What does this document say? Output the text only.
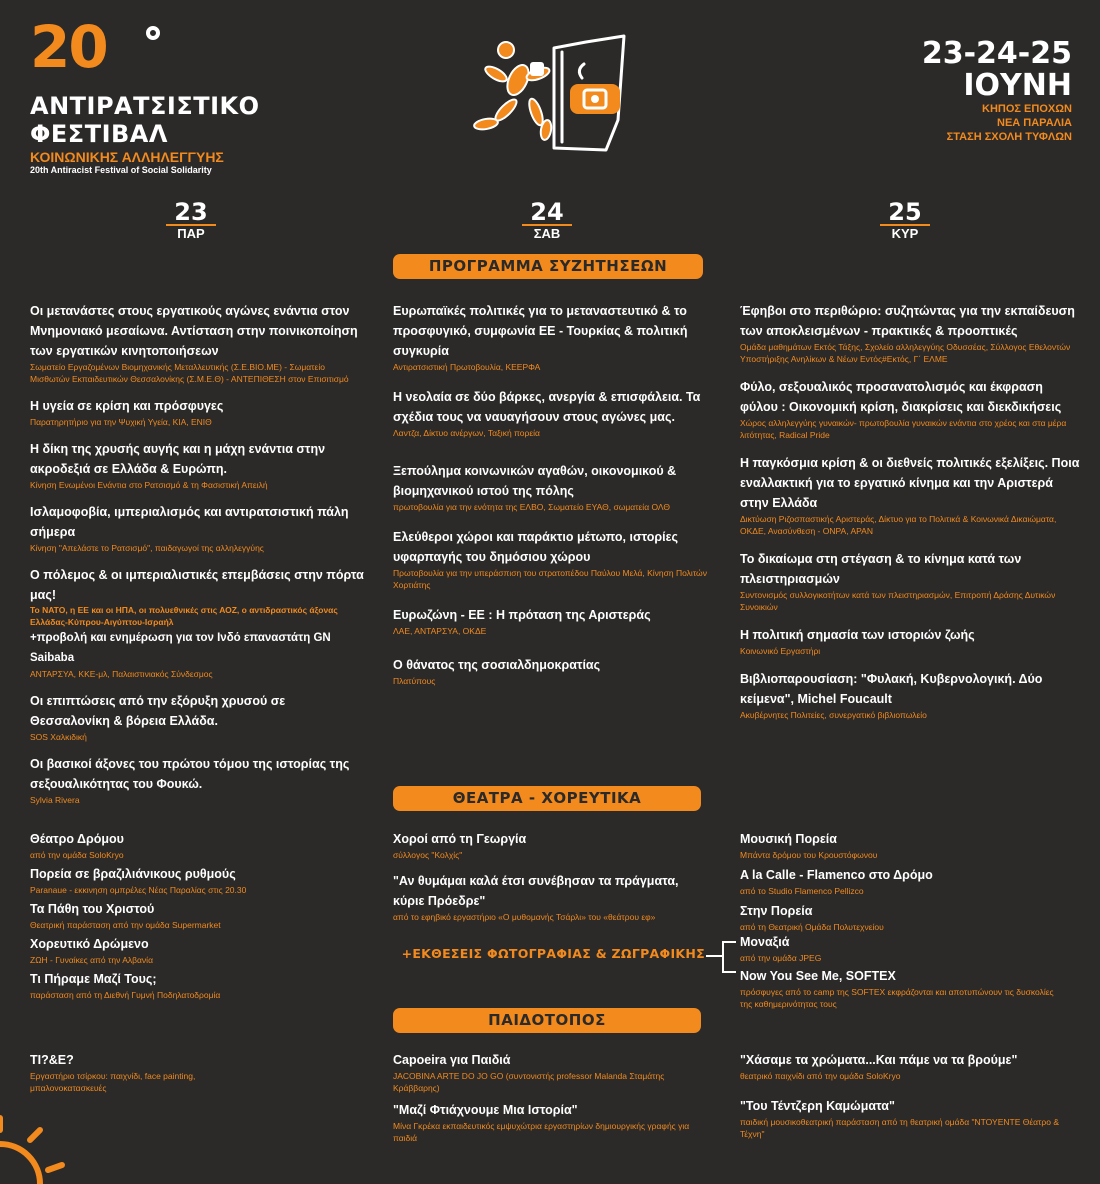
20
ΑΝΤΙΡΑΤΣΙΣΤΙΚΟ
ΦΕΣΤΙΒΑΛ
ΚΟΙΝΩΝΙΚΗΣ ΑΛΛΗΛΕΓΓΥΗΣ
20th Antiracist Festival of Social Solidarity
23-24-25
ΙΟΥΝΗ
ΚΗΠΟΣ ΕΠΟΧΩΝ
ΝΕΑ ΠΑΡΑΛΙΑ
ΣΤΑΣΗ ΣΧΟΛΗ ΤΥΦΛΩΝ
23
ΠΑΡ
24
ΣΑΒ
25
ΚΥΡ
ΠΡΟΓΡΑΜΜΑ ΣΥΖΗΤΗΣΕΩΝ
Οι μετανάστες στους εργατικούς αγώνες ενάντια στον Μνημονιακό μεσαίωνα. Αντίσταση στην ποινικοποίηση των εργατικών κινητοποιήσεων
Σωματείο Εργαζομένων Βιομηχανικής Μεταλλευτικής (Σ.Ε.ΒΙΟ.ΜΕ) - Σωματείο Μισθωτών Εκπαιδευτικών Θεσσαλονίκης (Σ.Μ.Ε.Θ) - ΑΝΤΕΠΙΘΕΣΗ στον Επισιτισμό
Η υγεία σε κρίση και πρόσφυγες
Παρατηρητήριο για την Ψυχική Υγεία, ΚΙΑ, ΕΝΙΘ
Η δίκη της χρυσής αυγής και η μάχη ενάντια στην ακροδεξιά σε Ελλάδα & Ευρώπη.
Κίνηση Ενωμένοι Ενάντια στο Ρατσισμό & τη Φασιστική Απειλή
Ισλαμοφοβία, ιμπεριαλισμός και αντιρατσιστική πάλη σήμερα
Κίνηση "Απελάστε το Ρατσισμό", παιδαγωγοί της αλληλεγγύης
Ο πόλεμος & οι ιμπεριαλιστικές επεμβάσεις στην πόρτα μας!
Το ΝΑΤΟ, η ΕΕ και οι ΗΠΑ, οι πολυεθνικές στις ΑΟΖ, ο αντιδραστικός άξονας Ελλάδας-Κύπρου-Αιγύπτου-Ισραήλ
+προβολή και ενημέρωση για τον Ινδό επαναστάτη GN Saibaba
ΑΝΤΑΡΣΥΑ, ΚΚΕ-μλ, Παλαιστινιακός Σύνδεσμος
Οι επιπτώσεις από την εξόρυξη χρυσού σε Θεσσαλονίκη & βόρεια Ελλάδα.
SOS Χαλκιδική
Οι βασικοί άξονες του πρώτου τόμου της ιστορίας της σεξουαλικότητας του Φουκώ.
Sylvia Rivera
Ευρωπαϊκές πολιτικές για το μεταναστευτικό & το προσφυγικό, συμφωνία ΕΕ - Τουρκίας & πολιτική συγκυρία
Αντιρατσιστική Πρωτοβουλία, ΚΕΕΡΦΑ
Η νεολαία σε δύο βάρκες, ανεργία & επισφάλεια. Τα σχέδια τους να ναυαγήσουν στους αγώνες μας.
Λαντζα, Δίκτυο ανέργων, Ταξική πορεία
Ξεπούλημα κοινωνικών αγαθών, οικονομικού & βιομηχανικού ιστού της πόλης
πρωτοβουλία για την ενότητα της ΕΛΒΟ, Σωματείο ΕΥΑΘ, σωματεία ΟΛΘ
Ελεύθεροι χώροι και παράκτιο μέτωπο, ιστορίες υφαρπαγής του δημόσιου χώρου
Πρωτοβουλία για την υπεράσπιση του στρατοπέδου Παύλου Μελά, Κίνηση Πολιτών Χορτιάτης
Ευρωζώνη - ΕΕ : Η πρόταση της Αριστεράς
ΛΑΕ, ΑΝΤΑΡΣΥΑ, ΟΚΔΕ
Ο θάνατος της σοσιαλδημοκρατίας
Πλατύπους
Έφηβοι στο περιθώριο: συζητώντας για την εκπαίδευση των αποκλεισμένων - πρακτικές & προοπτικές
Ομάδα μαθημάτων Εκτός Τάξης, Σχολείο αλληλεγγύης Οδυσσέας, Σύλλογος Εθελοντών Υποστήριξης Ανηλίκων & Νέων Εντός#Εκτός, Γ΄ ΕΛΜΕ
Φύλο, σεξουαλικός προσανατολισμός και έκφραση φύλου : Οικονομική κρίση, διακρίσεις και διεκδικήσεις
Χώρος αλληλεγγύης γυναικών- πρωτοβουλία γυναικών ενάντια στο χρέος και στα μέρα λιτότητας, Radical Pride
Η παγκόσμια κρίση & οι διεθνείς πολιτικές εξελίξεις. Ποια εναλλακτική για το εργατικό κίνημα και την Αριστερά στην Ελλάδα
Δικτύωση Ριζοσπαστικής Αριστεράς, Δίκτυο για το Πολιτικά & Κοινωνικά Δικαιώματα, ΟΚΔΕ, Ανασύνθεση - ΟΝΡΑ, ΑΡΑΝ
Το δικαίωμα στη στέγαση & το κίνημα κατά των πλειστηριασμών
Συντονισμός συλλογικοτήτων κατά των πλειστηριασμών, Επιτροπή Δράσης Δυτικών Συνοικιών
Η πολιτική σημασία των ιστοριών ζωής
Κοινωνικό Εργαστήρι
Βιβλιοπαρουσίαση: "Φυλακή, Κυβερνολογική. Δύο κείμενα", Michel Foucault
Ακυβέρνητες Πολιτείες, συνεργατικό βιβλιοπωλείο
ΘΕΑΤΡΑ - ΧΟΡΕΥΤΙΚΑ
Θέατρο Δρόμου
από την ομάδα SoloKryo
Πορεία σε βραζιλιάνικους ρυθμούς
Paranaue - εκκινηση ομπρέλες Νέας Παραλίας στις 20.30
Τα Πάθη του Χριστού
Θεατρική παράσταση από την ομάδα Supermarket
Χορευτικό Δρώμενο
ΖΩΗ - Γυναίκες από την Αλβανία
Τι Πήραμε Μαζί Τους;
παράσταση από τη Διεθνή Γυμνή Ποδηλατοδρομία
Χοροί από τη Γεωργία
σύλλογος "Κολχίς"
"Αν θυμάμαι καλά έτσι συνέβησαν τα πράγματα, κύριε Πρόεδρε"
από το εφηβικό εργαστήριο «Ο μυθομανής Τσάρλι» του «θεάτρου εφ»
Μουσική Πορεία
Μπάντα δρόμου του Κρουστόφωνου
A la Calle - Flamenco στο Δρόμο
από το Studio Flamenco Pellizco
Στην Πορεία
από τη Θεατρική Ομάδα Πολυτεχνείου
+ΕΚΘΕΣΕΙΣ ΦΩΤΟΓΡΑΦΙΑΣ & ΖΩΓΡΑΦΙΚΗΣ
Μοναξιά
από την ομάδα JPEG
Now You See Me, SOFTEX
πρόσφυγες από το camp της SOFTEX εκφράζονται και αποτυπώνουν τις δυσκολίες της καθημερινότητας τους
ΠΑΙΔΟΤΟΠΟΣ
ΤΙ?&Ε?
Εργαστήριο τσίρκου: παιχνίδι, face painting, μπαλονοκατασκευές
Capoeira για Παιδιά
JACOBINA ARTE DO JO GO (συντονιστής professor Malanda Σταμάτης Κράββαρης)
"Μαζί Φτιάχνουμε Μια Ιστορία"
Μίνα Γκρέκα εκπαιδευτικός εμψυχώτρια εργαστηρίων δημιουργικής γραφής για παιδιά
"Χάσαμε τα χρώματα...Και πάμε να τα βρούμε"
θεατρικό παιχνίδι από την ομάδα SoloKryo
"Του Τέντζερη Καμώματα"
παιδική μουσικοθεατρική παράσταση από τη θεατρική ομάδα "ΝΤΟΥΕΝΤΕ Θέατρο & Τέχνη"
